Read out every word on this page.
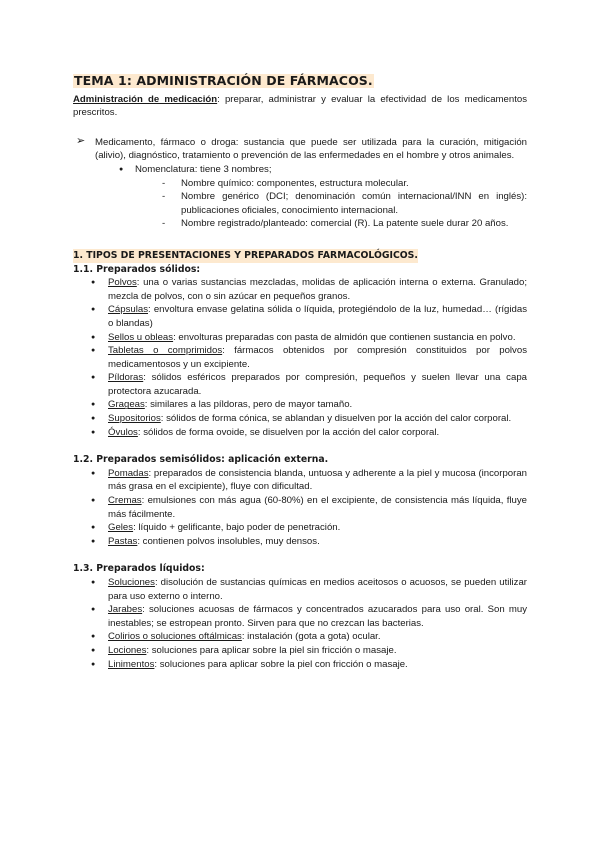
TEMA 1: ADMINISTRACIÓN DE FÁRMACOS.

Administración de medicación: preparar, administrar y evaluar la efectividad de los medicamentos prescritos.

➢ Medicamento, fármaco o droga: sustancia que puede ser utilizada para la curación, mitigación (alivio), diagnóstico, tratamiento o prevención de las enfermedades en el hombre y otros animales.
● Nomenclatura: tiene 3 nombres;
- Nombre químico: componentes, estructura molecular.
- Nombre genérico (DCI; denominación común internacional/INN en inglés): publicaciones oficiales, conocimiento internacional.
- Nombre registrado/planteado: comercial (R). La patente suele durar 20 años.
1. TIPOS DE PRESENTACIONES Y PREPARADOS FARMACOLÓGICOS.
1.1. Preparados sólidos:
● Polvos: una o varias sustancias mezcladas, molidas de aplicación interna o externa. Granulado; mezcla de polvos, con o sin azúcar en pequeños granos.
● Cápsulas: envoltura envase gelatina sólida o líquida, protegiéndolo de la luz, humedad… (rígidas o blandas)
● Sellos u obleas: envolturas preparadas con pasta de almidón que contienen sustancia en polvo.
● Tabletas o comprimidos: fármacos obtenidos por compresión constituidos por polvos medicamentosos y un excipiente.
● Píldoras: sólidos esféricos preparados por compresión, pequeños y suelen llevar una capa protectora azucarada.
● Grageas: similares a las píldoras, pero de mayor tamaño.
● Supositorios: sólidos de forma cónica, se ablandan y disuelven por la acción del calor corporal.
● Óvulos: sólidos de forma ovoide, se disuelven por la acción del calor corporal.
1.2. Preparados semisólidos: aplicación externa.
● Pomadas: preparados de consistencia blanda, untuosa y adherente a la piel y mucosa (incorporan más grasa en el excipiente), fluye con dificultad.
● Cremas: emulsiones con más agua (60-80%) en el excipiente, de consistencia más líquida, fluye más fácilmente.
● Geles: líquido + gelificante, bajo poder de penetración.
● Pastas: contienen polvos insolubles, muy densos.
1.3. Preparados líquidos:
● Soluciones: disolución de sustancias químicas en medios aceitosos o acuosos, se pueden utilizar para uso externo o interno.
● Jarabes: soluciones acuosas de fármacos y concentrados azucarados para uso oral. Son muy inestables; se estropean pronto. Sirven para que no crezcan las bacterias.
● Colirios o soluciones oftálmicas: instalación (gota a gota) ocular.
● Lociones: soluciones para aplicar sobre la piel sin fricción o masaje.
● Linimentos: soluciones para aplicar sobre la piel con fricción o masaje.
